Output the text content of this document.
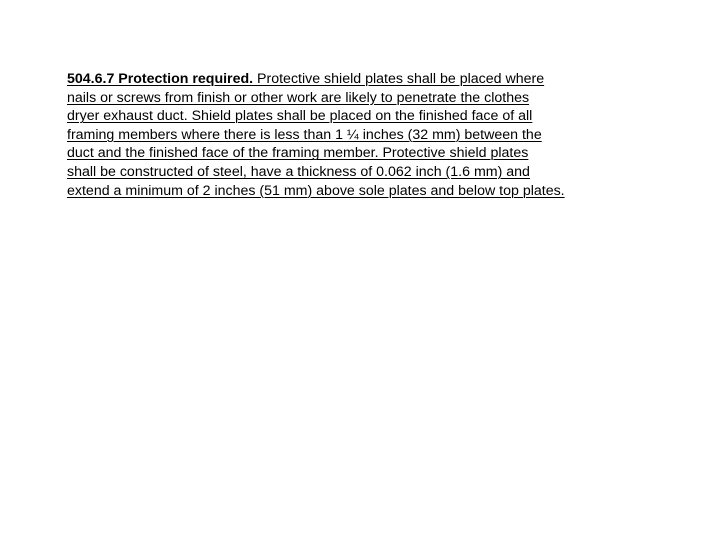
504.6.7 Protection required. Protective shield plates shall be placed where
nails or screws from finish or other work are likely to penetrate the clothes
dryer exhaust duct. Shield plates shall be placed on the finished face of all
framing members where there is less than 1 ¼ inches (32 mm) between the
duct and the finished face of the framing member. Protective shield plates
shall be constructed of steel, have a thickness of 0.062 inch (1.6 mm) and
extend a minimum of 2 inches (51 mm) above sole plates and below top plates.
